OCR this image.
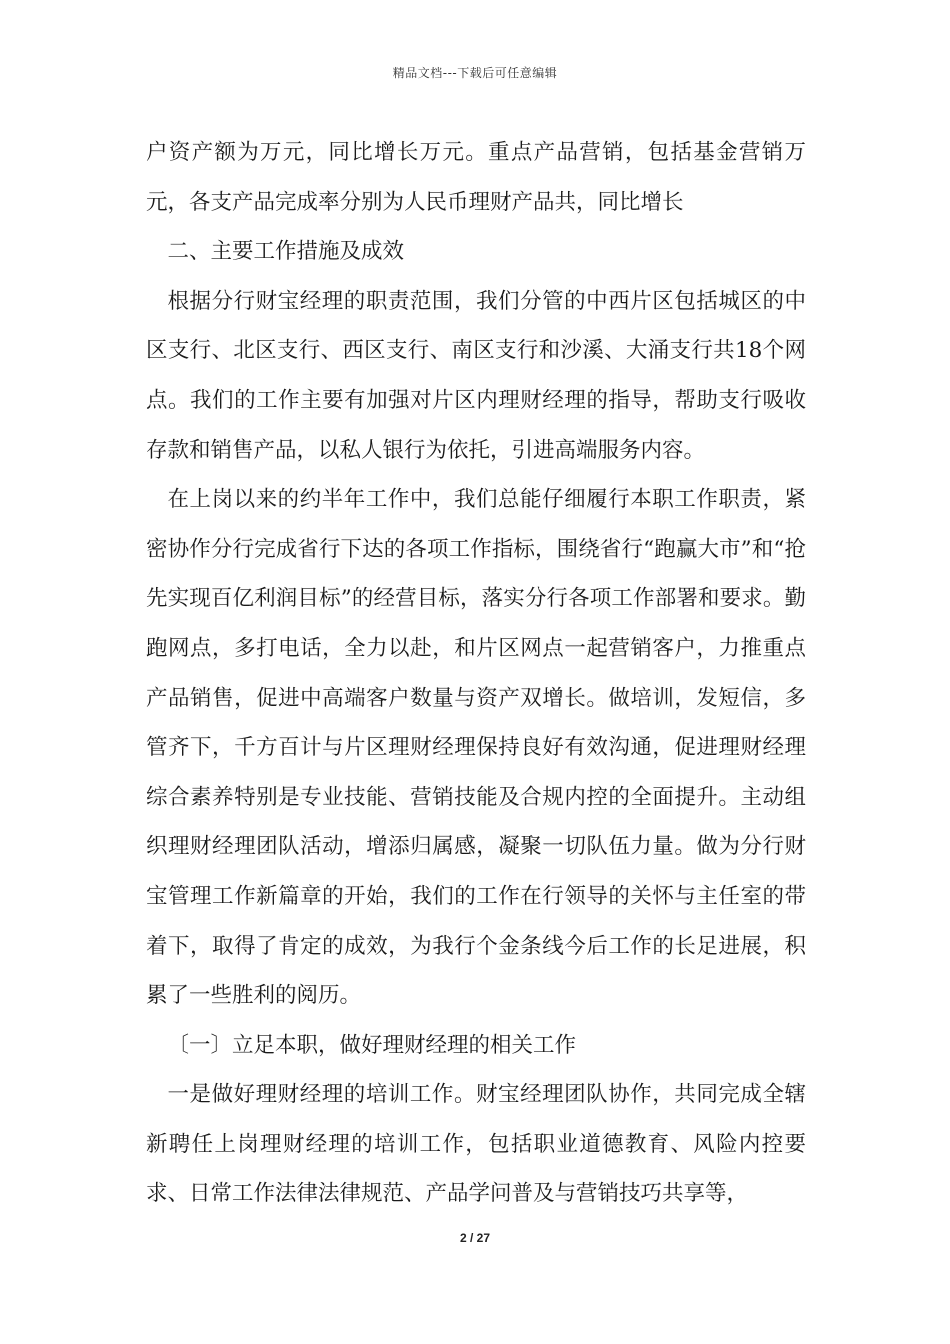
精品文档---下载后可任意编辑

户资产额为万元，同比增长万元。重点产品营销，包括基金营销万元，各支产品完成率分别为人民币理财产品共，同比增长

二、主要工作措施及成效

根据分行财宝经理的职责范围，我们分管的中西片区包括城区的中区支行、北区支行、西区支行、南区支行和沙溪、大涌支行共18个网点。我们的工作主要有加强对片区内理财经理的指导，帮助支行吸收存款和销售产品，以私人银行为依托，引进高端服务内容。

在上岗以来的约半年工作中，我们总能仔细履行本职工作职责，紧密协作分行完成省行下达的各项工作指标，围绕省行“跑赢大市”和“抢先实现百亿利润目标”的经营目标，落实分行各项工作部署和要求。勤跑网点，多打电话，全力以赴，和片区网点一起营销客户，力推重点产品销售，促进中高端客户数量与资产双增长。做培训，发短信，多管齐下，千方百计与片区理财经理保持良好有效沟通，促进理财经理综合素养特别是专业技能、营销技能及合规内控的全面提升。主动组织理财经理团队活动，增添归属感，凝聚一切队伍力量。做为分行财宝管理工作新篇章的开始，我们的工作在行领导的关怀与主任室的带着下，取得了肯定的成效，为我行个金条线今后工作的长足进展，积累了一些胜利的阅历。

〔一〕立足本职，做好理财经理的相关工作

一是做好理财经理的培训工作。财宝经理团队协作，共同完成全辖新聘任上岗理财经理的培训工作，包括职业道德教育、风险内控要求、日常工作法律法律规范、产品学问普及与营销技巧共享等，

2 / 27
